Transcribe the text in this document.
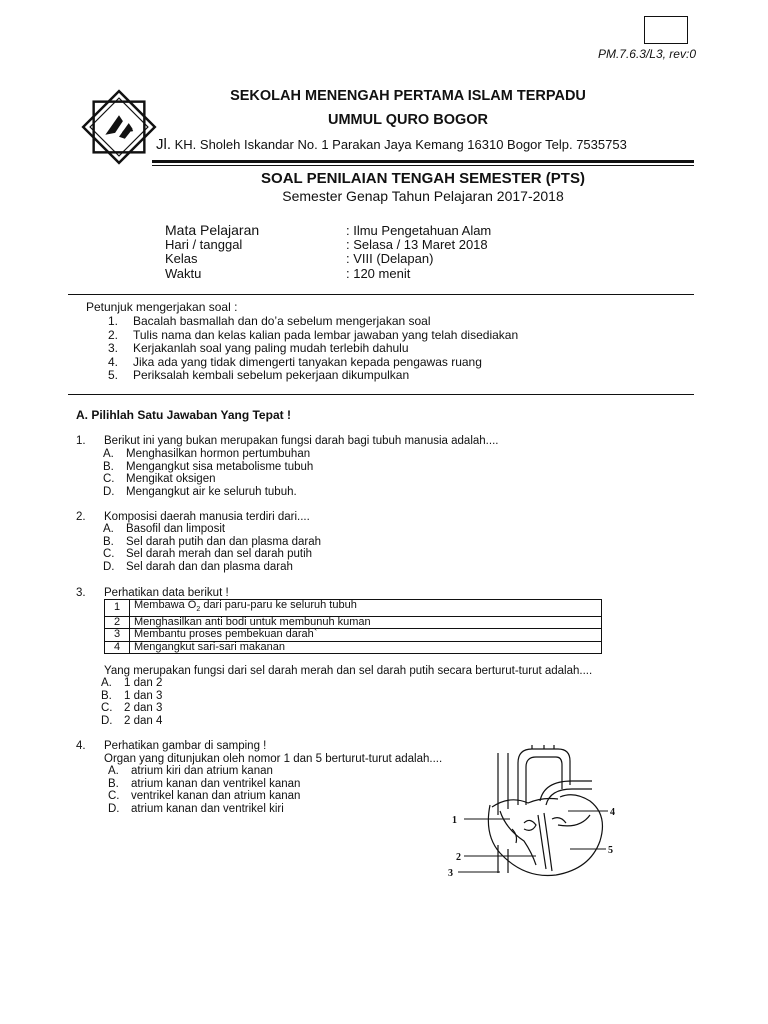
PM.7.6.3/L3, rev:0
SEKOLAH MENENGAH PERTAMA ISLAM TERPADU
UMMUL QURO BOGOR
Jl. KH. Sholeh Iskandar No. 1 Parakan Jaya Kemang 16310 Bogor Telp. 7535753
SOAL PENILAIAN TENGAH SEMESTER (PTS)
Semester Genap Tahun Pelajaran 2017-2018
Mata Pelajaran	: Ilmu Pengetahuan Alam
Hari / tanggal	: Selasa / 13 Maret 2018
Kelas	: VIII (Delapan)
Waktu	: 120 menit
Petunjuk mengerjakan soal :
1. Bacalah basmallah dan do’a sebelum mengerjakan soal
2. Tulis nama dan kelas kalian pada lembar jawaban yang telah disediakan
3. Kerjakanlah soal yang paling mudah terlebih dahulu
4. Jika ada yang tidak dimengerti tanyakan kepada pengawas ruang
5. Periksalah kembali sebelum pekerjaan dikumpulkan
A. Pilihlah Satu Jawaban Yang Tepat !
1. Berikut ini yang bukan merupakan fungsi darah bagi tubuh manusia adalah....
A. Menghasilkan hormon pertumbuhan
B. Mengangkut sisa metabolisme tubuh
C. Mengikat oksigen
D. Mengangkut air ke seluruh tubuh.
2. Komposisi daerah manusia terdiri dari....
A. Basofil dan limposit
B. Sel darah putih dan dan plasma darah
C. Sel darah merah dan sel darah putih
D. Sel darah dan dan plasma darah
3. Perhatikan data berikut !
1	Membawa $O_2$ dari paru-paru ke seluruh tubuh
2	Menghasilkan anti bodi untuk membunuh kuman
3	Membantu proses pembekuan darah`
4	Mengangkut sari-sari makanan
Yang merupakan fungsi dari sel darah merah dan sel darah putih secara berturut-turut adalah....
A. 1 dan 2
B. 1 dan 3
C. 2 dan 3
D. 2 dan 4
4. Perhatikan gambar di samping !
Organ yang ditunjukan oleh nomor 1 dan 5 berturut-turut adalah....
A. atrium kiri dan atrium kanan
B. atrium kanan dan ventrikel kanan
C. ventrikel kanan dan atrium kanan
D. atrium kanan dan ventrikel kiri
1
2
3
4
5
